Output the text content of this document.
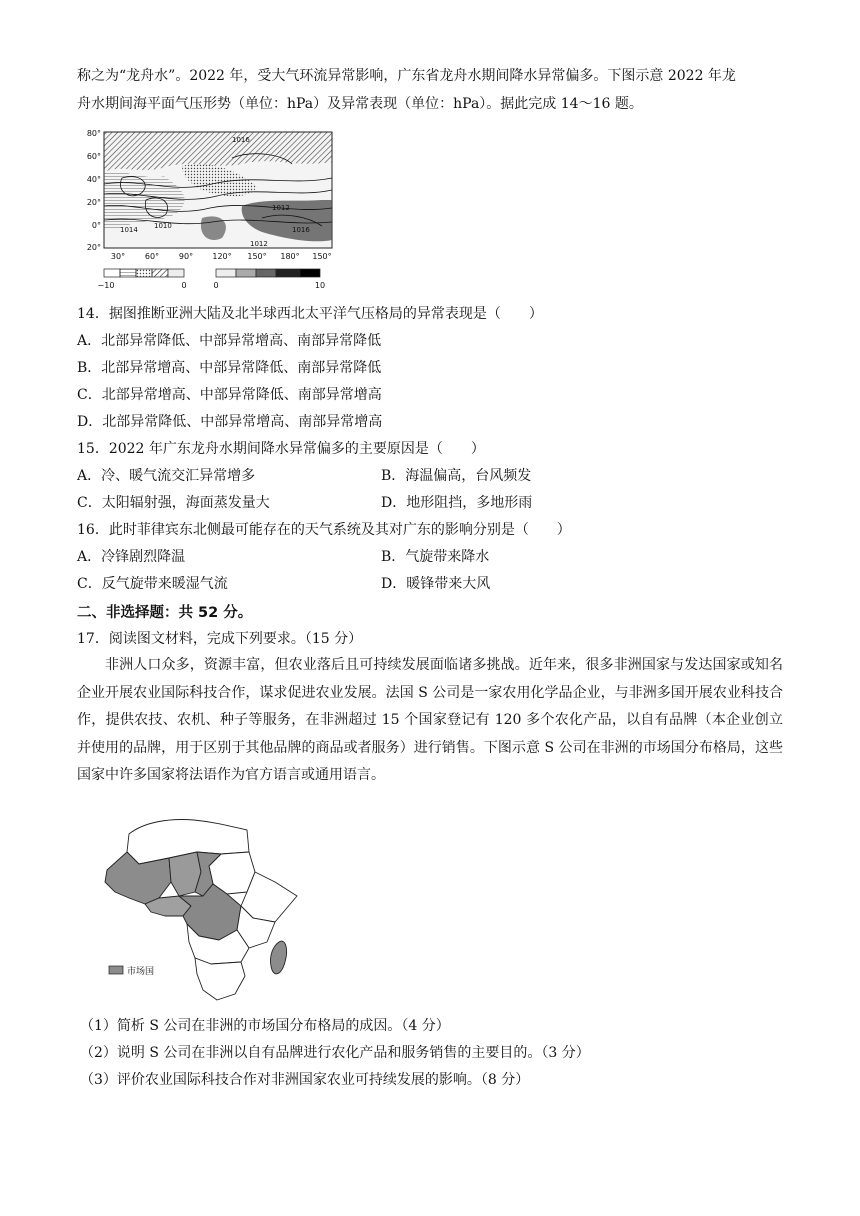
称之为“龙舟水”。2022 年，受大气环流异常影响，广东省龙舟水期间降水异常偏多。下图示意 2022 年龙
舟水期间海平面气压形势（单位：hPa）及异常表现（单位：hPa）。据此完成 14～16 题。
1016
1012
1016
1012
1010
1014
80°
60°
40°
20°
0°
20°
30° 60° 90° 120° 150° 180° 150°
−10	0	0	10
14．据图推断亚洲大陆及北半球西北太平洋气压格局的异常表现是（　　）
A．北部异常降低、中部异常增高、南部异常降低
B．北部异常增高、中部异常降低、南部异常降低
C．北部异常增高、中部异常降低、南部异常增高
D．北部异常降低、中部异常增高、南部异常增高
15．2022 年广东龙舟水期间降水异常偏多的主要原因是（　　）
A．冷、暖气流交汇异常增多	B．海温偏高，台风频发
C．太阳辐射强，海面蒸发量大	D．地形阻挡，多地形雨
16．此时菲律宾东北侧最可能存在的天气系统及其对广东的影响分别是（　　）
A．冷锋剧烈降温	B．气旋带来降水
C．反气旋带来暖湿气流	D．暖锋带来大风
二、非选择题：共 52 分。
17．阅读图文材料，完成下列要求。（15 分）
非洲人口众多，资源丰富，但农业落后且可持续发展面临诸多挑战。近年来，很多非洲国家与发达国家或知名企业开展农业国际科技合作，谋求促进农业发展。法国 S 公司是一家农用化学品企业，与非洲多国开展农业科技合作，提供农技、农机、种子等服务，在非洲超过 15 个国家登记有 120 多个农化产品，以自有品牌（本企业创立并使用的品牌，用于区别于其他品牌的商品或者服务）进行销售。下图示意 S 公司在非洲的市场国分布格局，这些国家中许多国家将法语作为官方语言或通用语言。
市场国
（1）简析 S 公司在非洲的市场国分布格局的成因。（4 分）
（2）说明 S 公司在非洲以自有品牌进行农化产品和服务销售的主要目的。（3 分）
（3）评价农业国际科技合作对非洲国家农业可持续发展的影响。（8 分）
